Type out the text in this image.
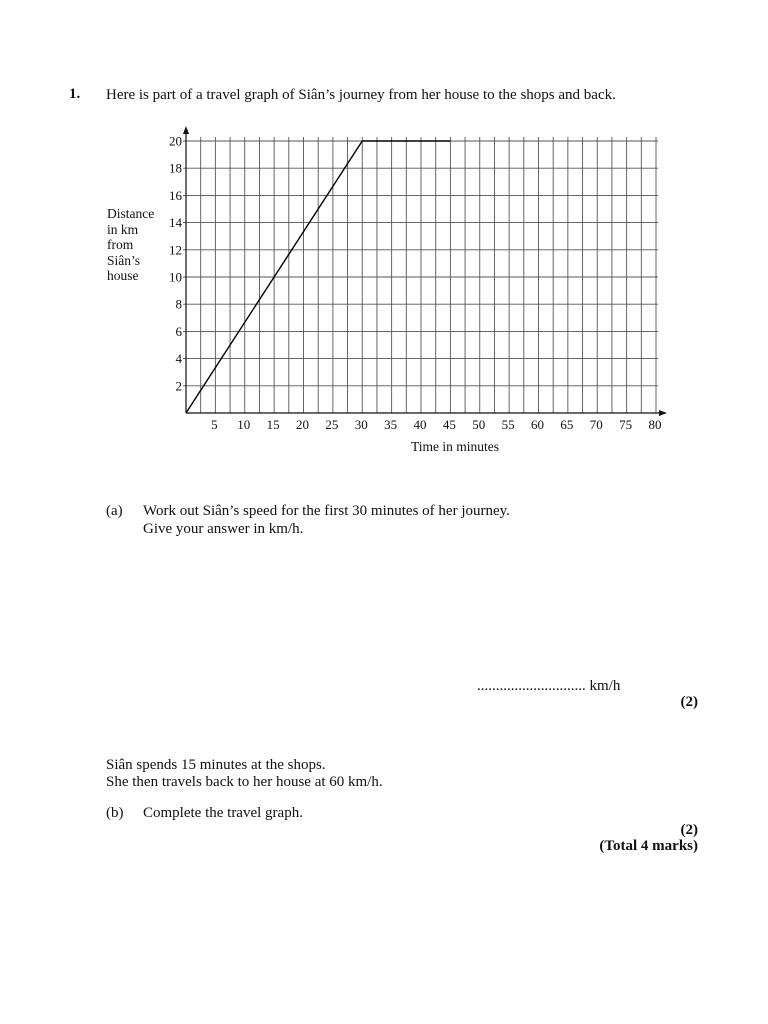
1. Here is part of a travel graph of Siân’s journey from her house to the shops and back.
Distance
in km
from
Siân’s
house
2
4
6
8
10
12
14
16
18
20
5 10 15 20 25 30 35 40 45 50 55 60 65 70 75 80
Time in minutes
(a) Work out Siân’s speed for the first 30 minutes of her journey.
Give your answer in km/h.
............................. km/h
(2)
Siân spends 15 minutes at the shops.
She then travels back to her house at 60 km/h.
(b) Complete the travel graph.
(2)
(Total 4 marks)
